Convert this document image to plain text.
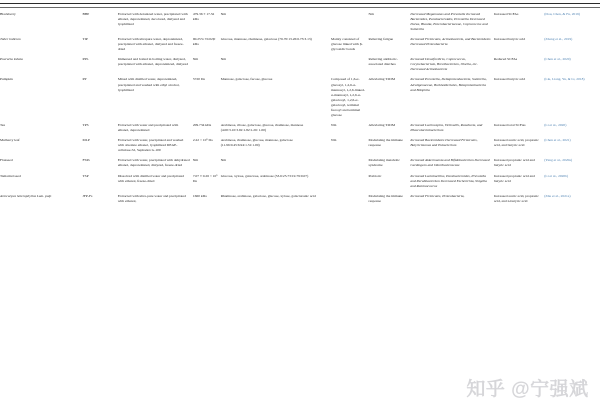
Blackberry	BBP	Extracted with deionized water, precipitated with ethanol, deproteinized, decolored, dialyzed and lyophilized	479.36 ± 17.32 kDa	Nm		Nm	Decreased Megamonas and Prevotella Increased Bacteroides, Parabacteroides, Prevotella Decreased Dorea, Blautia, Enterobacteriaceae, Coprococcus and Sutterella	Increased SCFAs	(Dou, Chen, & Fu, 2019)
Tuber indicum	TIP	Extracted with ultrapure water, deproteinized, precipitated with ethanol, dialyzed and freeze-dried	90.25% ±0.02|0 kDa	Glucose, mannose, rhamnose, galactose (76.70:13.26:6.73:3.13)	Mainly consisted of glucose linked with β-glycosidic bonds	Relieving fatigue	Increased Firmicutes, Actinobacteria, and Bacteroidetes Decreased Proteobacteria	Increased butyric acid	(Zhang et al., 2019)
Pueraria lobata	PPL	Immersed and boiled in boiling water, dialyzed, precipitated with ethanol, deproteinized, dialyzed	Nm	Nm		Relieving antibiotic-associated diarrhea	Increased Desulfovibrio, Coprococcus, Corynebacterium, Brevibacterium, Olsella, etc. Decreased Actinobacteria	Reduced SCFAs	(Chen et al., 2020)
Pumpkin	PP	Mixed with distilled water, deproteinized, precipitated and washed with ethyl alcohol, lyophilized	5720 Da	Mannose, galactose, fucose, glucose	Composed of 1,6-α-glucosyl, 1,2,6-α-mannosyl, 1,2,6-linked-α-mannosyl, 1,2,6-α-galactosyl, 1,2,6-α-galactosyl, terminal fucosyl and terminal glucose	Alleviating T2DM	Increased Prevotella, Deltaproteobacteria, Sutterella, Alcaligenaceae, Burkholderiales, Betaproteobacteria and Bilophila	Increased butyric acid	(Liu, Liang, Yu, & Li, 2018)
Tea	TPS	Extracted with water and precipitated with ethanol, deproteinized	209.734 kDa	Arabinose, ribose, galactose, glucose, rhamnose, mannose (4.00:3.10:3.92:1.82:1.26: 1.00)	Nm	Alleviating T2DM	Increased Lachnospira, Victivallis, Roseburia, and Phascolarctobacterium	Increased total SCFAs	(Li et al., 2020)
Mulberry leaf	MLP	Extracted with water, precipitated and washed with absolute ethanol, lyophilized DEAE-cellulose-52, Sephadex G-100	2.22 × 10⁵ Da	Arabinose, rhamnose, glucose, mannose, galactose (11.96:0.45:6.94:1.31:1.00)	Nm	Modulating the immune response	Increased Bacteroidetes Decreased Firmicutes, Butyricimonas and Eubacterium	Increased acetic acid, propionic acid, and butyric acid	(Chen et al., 2021)
Flaxseed	FSPs	Extracted with water, precipitated with dehydrated ethanol, deproteinized, dialyzed, freeze-dried	Nm	Nm		Modulating metabolic syndrome	Increased Akkermansia and Bifidobacterium Decreased Cardiogens and Odoribacteraceae	Increased propionic acid and butyric acid	(Yang et al., 2020a)
Tamarind seed	TSP	Dissolved with distilled water and precipitated with ethanol, freeze-dried	7.07 ± 0.26 × 10⁵ Da	Glucose, xylose, galactose, arabinose (53.6:25.73:19.79:0.07)		Prebiotic	Increased Lactobacillus, Parabacteroides, Prevotella and Parabbacterium Decreased Escherichia, Shigella and Ruminococcus	Increased propionic acid and butyric acid	(Li et al., 2020b)
Artocarpus heterophyllus Lam. pulp	JFP-Fs	Extracted with ultra-pure water and precipitated with ethanol,	1660 kDa	Rhamnose, arabinose, galactose, glucose, xylose, galacturonic acid		Modulating the immune response	Increased Firmicutes, Proteobacteria,	Increased acetic acid, propionic acid, and n-butyric acid	(Zhu et al., 2021a)
知乎 @宁强斌
